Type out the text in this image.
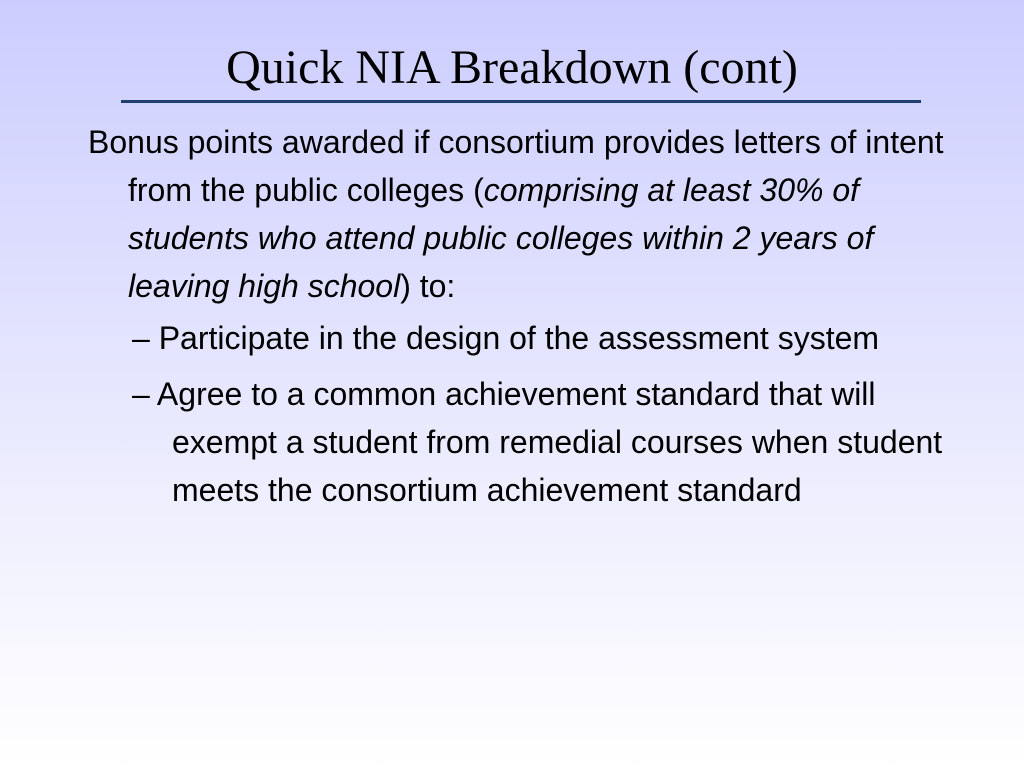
Quick NIA Breakdown (cont)

Bonus points awarded if consortium provides letters of intent from the public colleges (comprising at least 30% of students who attend public colleges within 2 years of leaving high school) to:

– Participate in the design of the assessment system

– Agree to a common achievement standard that will exempt a student from remedial courses when student meets the consortium achievement standard
